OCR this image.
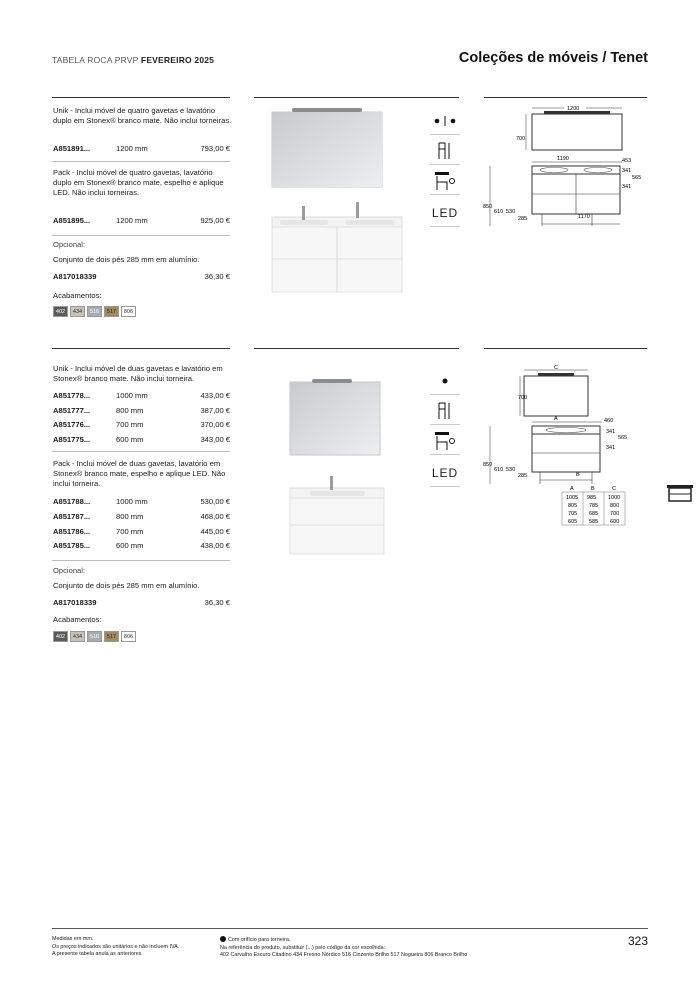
TABELA ROCA PRVP FEVEREIRO 2025	Coleções de móveis / Tenet
Unik - Inclui móvel de quatro gavetas e lavatório duplo em Stonex® branco mate. Não inclui torneiras.
A851891...	1200 mm	793,00 €
Pack - Inclui móvel de quatro gavetas, lavatório duplo em Stonex® branco mate, espelho e aplique LED. Não inclui torneiras.
A851895...	1200 mm	925,00 €
Opcional:
Conjunto de dois pés 285 mm em alumínio.
A817018339	36,30 €
Acabamentos:
402	434	516	517	806
LED
1200
700
1190	453
341
565
341
850
610 530
285	1170
Unik - Inclui móvel de duas gavetas e lavatório em Stonex® branco mate. Não inclui torneira.
A851778...	1000 mm	433,00 €
A851777...	800 mm	387,00 €
A851776...	700 mm	370,00 €
A851775...	600 mm	343,00 €
Pack - Inclui móvel de duas gavetas, lavatório em Stonex® branco mate, espelho e aplique LED. Não inclui torneira.
A851788...	1000 mm	530,00 €
A851787...	800 mm	468,00 €
A851786...	700 mm	445,00 €
A851785...	600 mm	438,00 €
Opcional:
Conjunto de dois pés 285 mm em alumínio.
A817018339	36,30 €
Acabamentos:
402	434	516	517	806
LED
C
700
A
B
460
341
565
341
850
610 530
285
A	B	C
1005 985 1000
805 785 800
705 685 700
605 585 600
Medidas em mm.
Os preços indicados são unitários e não incluem IVA.
A presente tabela anula as anteriores.
Com orifício para torneira.
Na referência do produto, substituir (...) pelo código da cor escolhida:
402 Carvalho Escuro Citadino 434 Fresno Nórdico 516 Cinzento Brilho 517 Nogueira 806 Branco Brilho
323
